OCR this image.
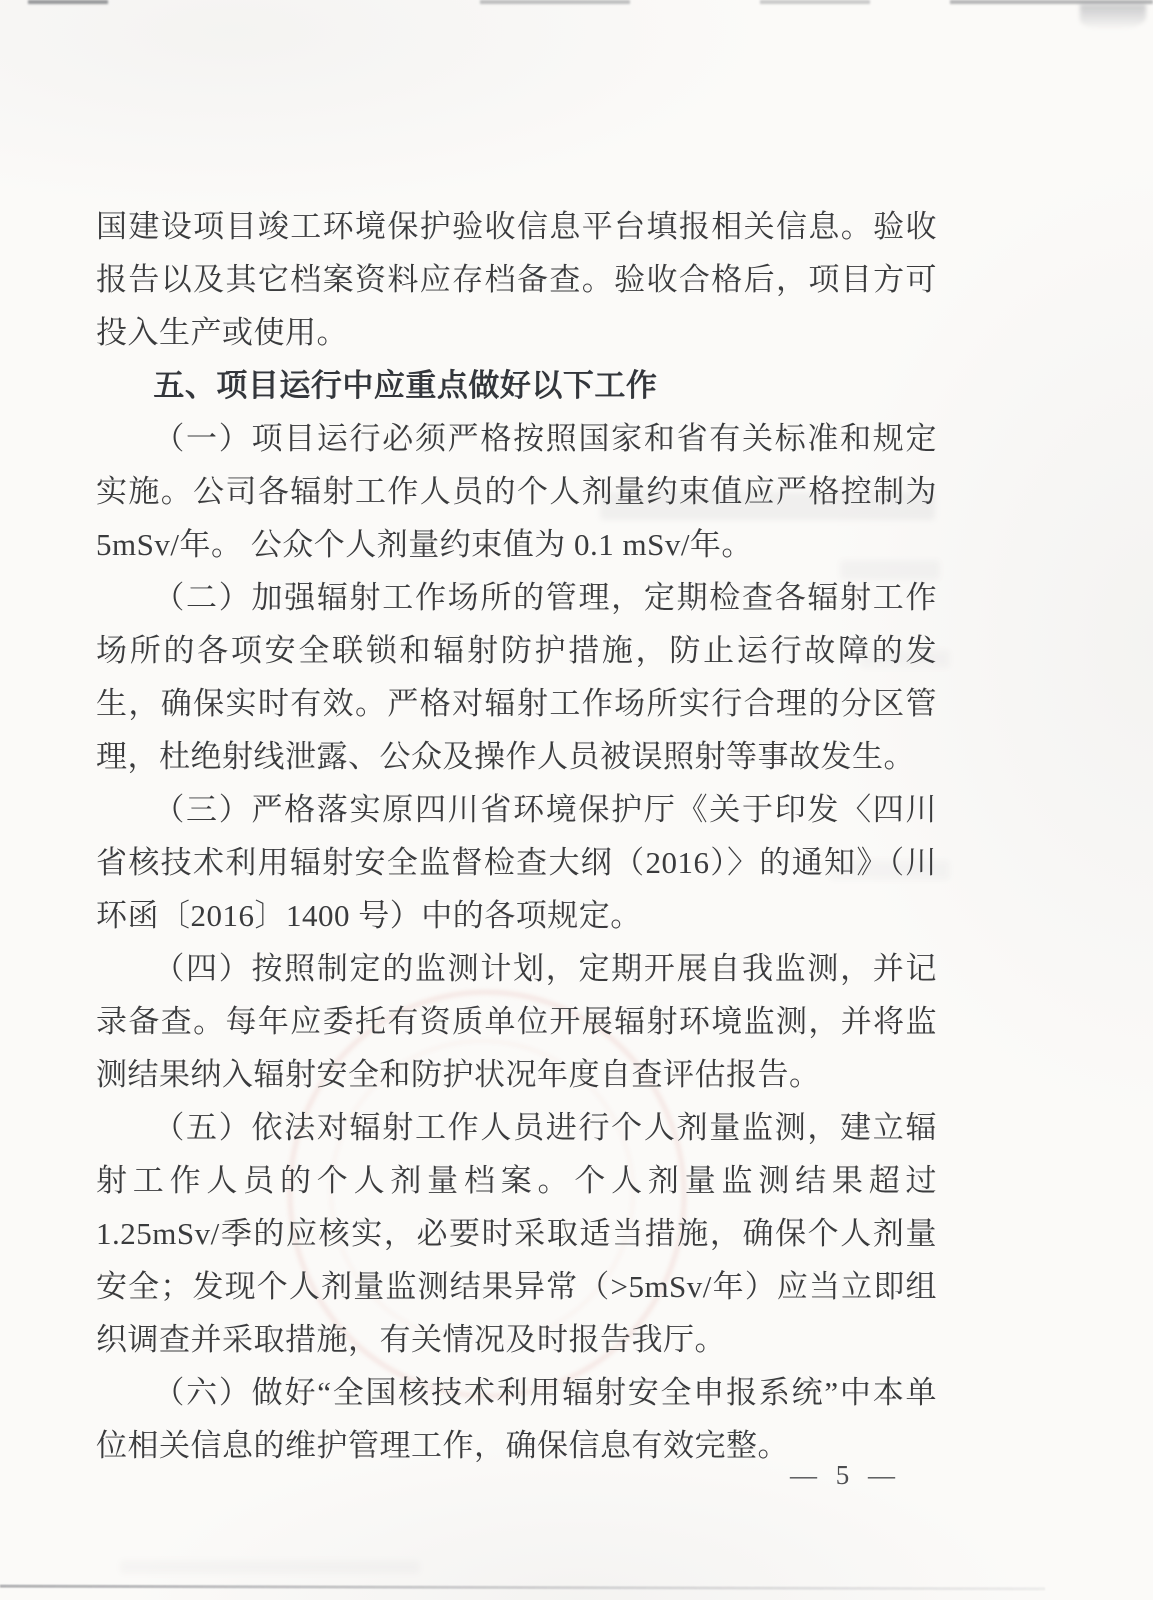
国建设项目竣工环境保护验收信息平台填报相关信息。验收报告以及其它档案资料应存档备查。验收合格后，项目方可投入生产或使用。

五、项目运行中应重点做好以下工作

（一）项目运行必须严格按照国家和省有关标准和规定实施。公司各辐射工作人员的个人剂量约束值应严格控制为 5mSv/年。 公众个人剂量约束值为 0.1 mSv/年。

（二）加强辐射工作场所的管理，定期检查各辐射工作场所的各项安全联锁和辐射防护措施，防止运行故障的发生，确保实时有效。严格对辐射工作场所实行合理的分区管理，杜绝射线泄露、公众及操作人员被误照射等事故发生。

（三）严格落实原四川省环境保护厅《关于印发〈四川省核技术利用辐射安全监督检查大纲（2016）〉的通知》（川环函〔2016〕1400 号）中的各项规定。

（四）按照制定的监测计划，定期开展自我监测，并记录备查。每年应委托有资质单位开展辐射环境监测，并将监测结果纳入辐射安全和防护状况年度自查评估报告。

（五）依法对辐射工作人员进行个人剂量监测，建立辐射工作人员的个人剂量档案。个人剂量监测结果超过 1.25mSv/季的应核实，必要时采取适当措施，确保个人剂量安全；发现个人剂量监测结果异常（>5mSv/年）应当立即组织调查并采取措施，有关情况及时报告我厅。

（六）做好“全国核技术利用辐射安全申报系统”中本单位相关信息的维护管理工作，确保信息有效完整。

— 5 —
